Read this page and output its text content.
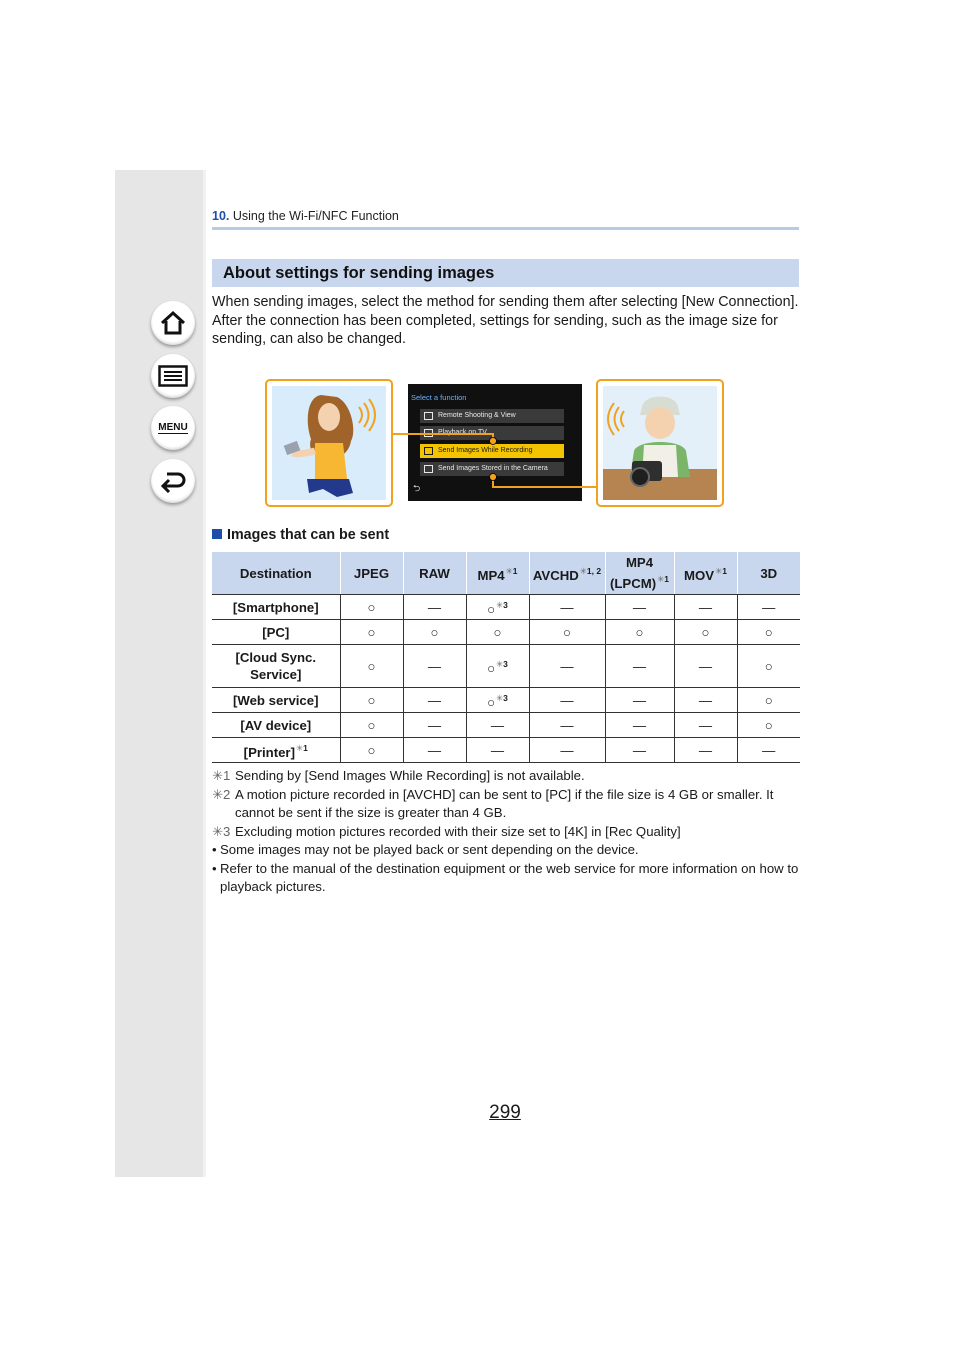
MENU
10. Using the Wi-Fi/NFC Function
About settings for sending images

When sending images, select the method for sending them after selecting [New Connection].

After the connection has been completed, settings for sending, such as the image size for sending, can also be changed.

Select a function
Remote Shooting & View
Playback on TV
Send Images While Recording
Send Images Stored in the Camera
⮌
Images that can be sent
Destination	JPEG	RAW	MP4$^{✳1}$	AVCHD$^{✳1, 2}$	MP4 (LPCM)$^{✳1}$	MOV$^{✳1}$	3D
[Smartphone]	○	—	○$^{✳3}$	—	—	—	—
[PC]	○	○	○	○	○	○	○
[Cloud Sync. Service]	○	—	○$^{✳3}$	—	—	—	○
[Web service]	○	—	○$^{✳3}$	—	—	—	○
[AV device]	○	—	—	—	—	—	○
[Printer]$^{✳1}$	○	—	—	—	—	—	—

✳1 Sending by [Send Images While Recording] is not available.

✳2 A motion picture recorded in [AVCHD] can be sent to [PC] if the file size is 4 GB or smaller. It cannot be sent if the size is greater than 4 GB.

✳3 Excluding motion pictures recorded with their size set to [4K] in [Rec Quality]

• Some images may not be played back or sent depending on the device.

• Refer to the manual of the destination equipment or the web service for more information on how to playback pictures.

299
